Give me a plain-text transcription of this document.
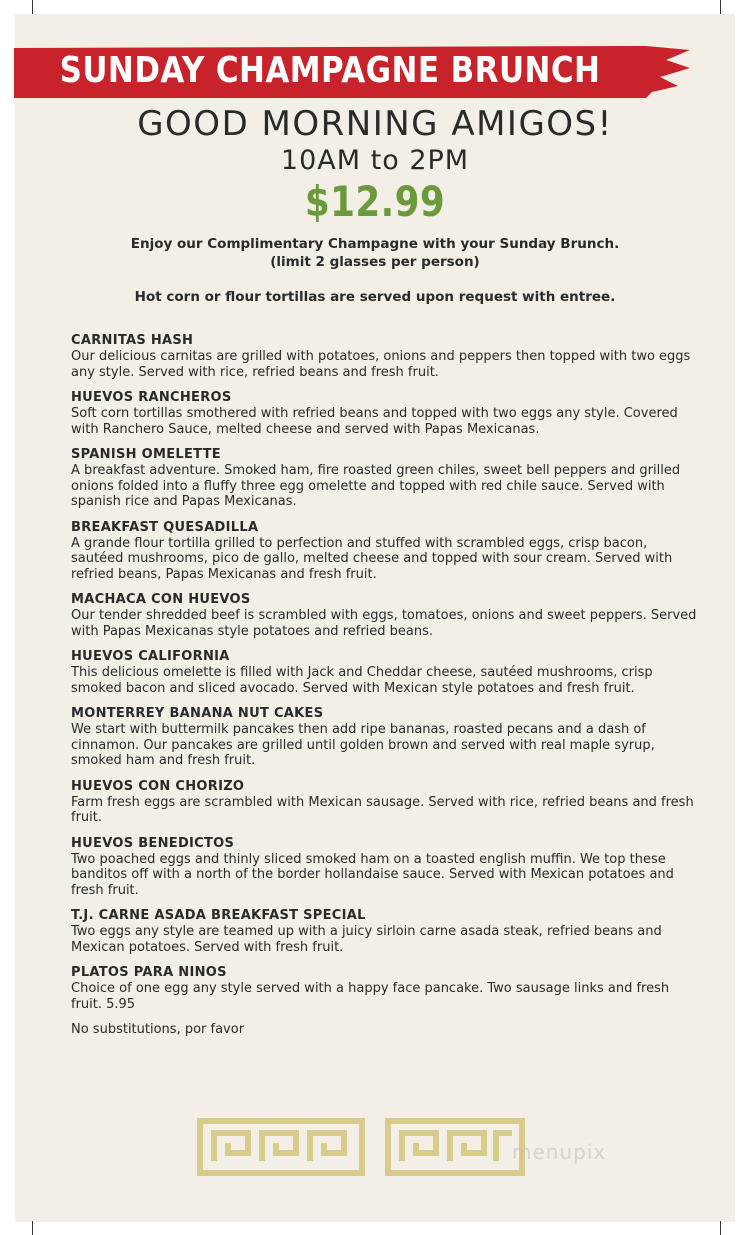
SUNDAY CHAMPAGNE BRUNCH
GOOD MORNING AMIGOS!
10AM to 2PM
$12.99
Enjoy our Complimentary Champagne with your Sunday Brunch.
(limit 2 glasses per person)
Hot corn or flour tortillas are served upon request with entree.
CARNITAS HASH
Our delicious carnitas are grilled with potatoes, onions and peppers then topped with two eggs any style. Served with rice, refried beans and fresh fruit.
HUEVOS RANCHEROS
Soft corn tortillas smothered with refried beans and topped with two eggs any style. Covered with Ranchero Sauce, melted cheese and served with Papas Mexicanas.
SPANISH OMELETTE
A breakfast adventure. Smoked ham, fire roasted green chiles, sweet bell peppers and grilled onions folded into a fluffy three egg omelette and topped with red chile sauce. Served with spanish rice and Papas Mexicanas.
BREAKFAST QUESADILLA
A grande flour tortilla grilled to perfection and stuffed with scrambled eggs, crisp bacon, sautéed mushrooms, pico de gallo, melted cheese and topped with sour cream. Served with refried beans, Papas Mexicanas and fresh fruit.
MACHACA CON HUEVOS
Our tender shredded beef is scrambled with eggs, tomatoes, onions and sweet peppers. Served with Papas Mexicanas style potatoes and refried beans.
HUEVOS CALIFORNIA
This delicious omelette is filled with Jack and Cheddar cheese, sautéed mushrooms, crisp smoked bacon and sliced avocado. Served with Mexican style potatoes and fresh fruit.
MONTERREY BANANA NUT CAKES
We start with buttermilk pancakes then add ripe bananas, roasted pecans and a dash of cinnamon. Our pancakes are grilled until golden brown and served with real maple syrup, smoked ham and fresh fruit.
HUEVOS CON CHORIZO
Farm fresh eggs are scrambled with Mexican sausage. Served with rice, refried beans and fresh fruit.
HUEVOS BENEDICTOS
Two poached eggs and thinly sliced smoked ham on a toasted english muffin. We top these banditos off with a north of the border hollandaise sauce. Served with Mexican potatoes and fresh fruit.
T.J. CARNE ASADA BREAKFAST SPECIAL
Two eggs any style are teamed up with a juicy sirloin carne asada steak, refried beans and Mexican potatoes. Served with fresh fruit.
PLATOS PARA NINOS
Choice of one egg any style served with a happy face pancake. Two sausage links and fresh fruit. 5.95
No substitutions, por favor
menupix
